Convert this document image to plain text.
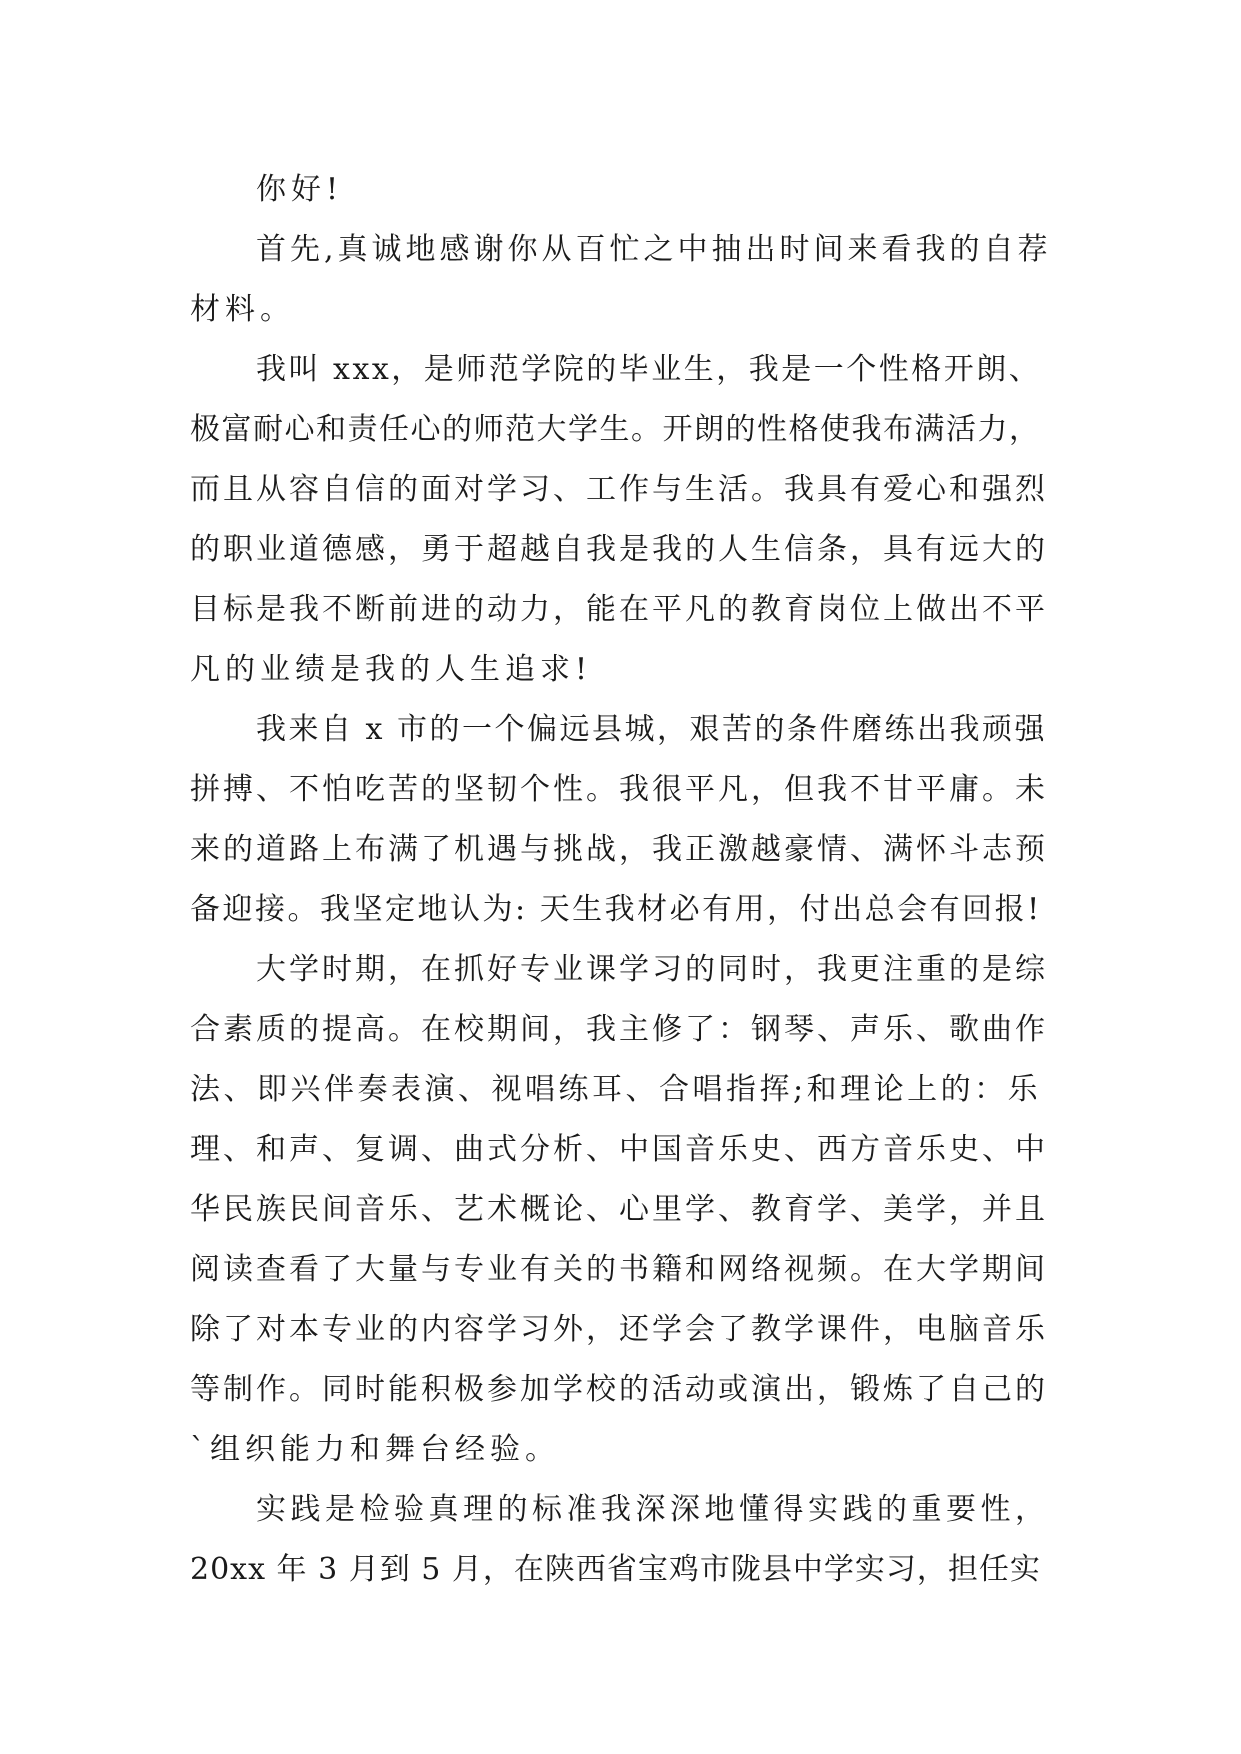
你好!
首先,真诚地感谢你从百忙之中抽出时间来看我的自荐
材料。
我叫 xxx，是师范学院的毕业生，我是一个性格开朗、
极富耐心和责任心的师范大学生。开朗的性格使我布满活力，
而且从容自信的面对学习、工作与生活。我具有爱心和强烈
的职业道德感，勇于超越自我是我的人生信条，具有远大的
目标是我不断前进的动力，能在平凡的教育岗位上做出不平
凡的业绩是我的人生追求!
我来自 x 市的一个偏远县城，艰苦的条件磨练出我顽强
拼搏、不怕吃苦的坚韧个性。我很平凡，但我不甘平庸。未
来的道路上布满了机遇与挑战，我正激越豪情、满怀斗志预
备迎接。我坚定地认为: 天生我材必有用，付出总会有回报!
大学时期，在抓好专业课学习的同时，我更注重的是综
合素质的提高。在校期间，我主修了：钢琴、声乐、歌曲作
法、即兴伴奏表演、视唱练耳、合唱指挥;和理论上的：乐
理、和声、复调、曲式分析、中国音乐史、西方音乐史、中
华民族民间音乐、艺术概论、心里学、教育学、美学，并且
阅读查看了大量与专业有关的书籍和网络视频。在大学期间
除了对本专业的内容学习外，还学会了教学课件，电脑音乐
等制作。同时能积极参加学校的活动或演出，锻炼了自己的
`组织能力和舞台经验。
实践是检验真理的标准我深深地懂得实践的重要性，
20xx 年 3 月到 5 月，在陕西省宝鸡市陇县中学实习，担任实
